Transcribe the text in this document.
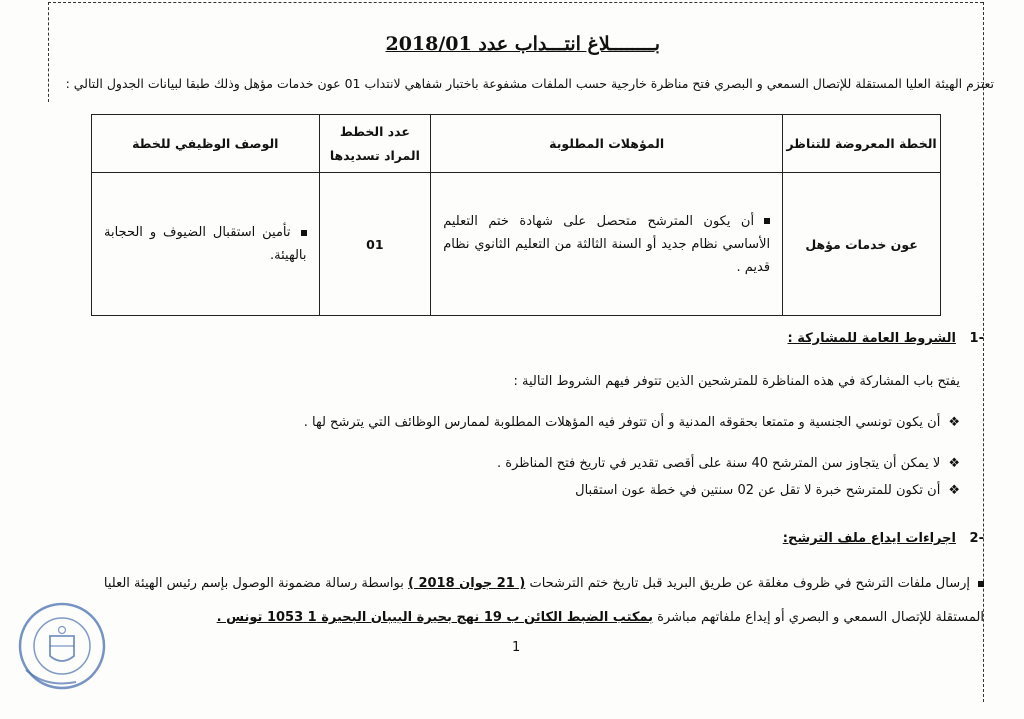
بــــــــلاغ انتـــداب عدد 2018/01
تعتزم الهيئة العليا المستقلة للإتصال السمعي و البصري فتح مناظرة خارجية حسب الملفات مشفوعة باختبار شفاهي لانتداب 01 عون خدمات مؤهل وذلك طبقا لبيانات الجدول التالي :
الخطة المعروضة للتناظر	المؤهلات المطلوبة	عدد الخطط المراد تسديدها	الوصف الوظيفي للخطة
عون خدمات مؤهل	أن يكون المترشح متحصل على شهادة ختم التعليم الأساسي نظام جديد أو السنة الثالثة من التعليم الثانوي نظام قديم .	01	تأمين استقبال الضيوف و الحجابة بالهيئة.
-1   الشروط العامة للمشاركة :
يفتح باب المشاركة في هذه المناظرة للمترشحين الذين تتوفر فيهم الشروط التالية :
❖أن يكون تونسي الجنسية و متمتعا بحقوقه المدنية و أن تتوفر فيه المؤهلات المطلوبة لممارس الوظائف التي يترشح لها .
❖لا يمكن أن يتجاوز سن المترشح 40 سنة على أقصى تقدير في تاريخ فتح المناظرة .
❖أن تكون للمترشح خبرة لا تقل عن 02 سنتين في خطة عون استقبال
-2   اجراءات ايداع ملف الترشح:
إرسال ملفات الترشح في ظروف مغلقة عن طريق البريد قبل تاريخ ختم الترشحات ( 21 جوان 2018 ) بواسطة رسالة مضمونة الوصول بإسم رئيس الهيئة العليا
المستقلة للإتصال السمعي و البصري أو إيداع ملفاتهم مباشرة بمكتب الضبط الكائن ب 19 نهج بحيرة البيبان البحيرة 1 1053 تونس .
1
